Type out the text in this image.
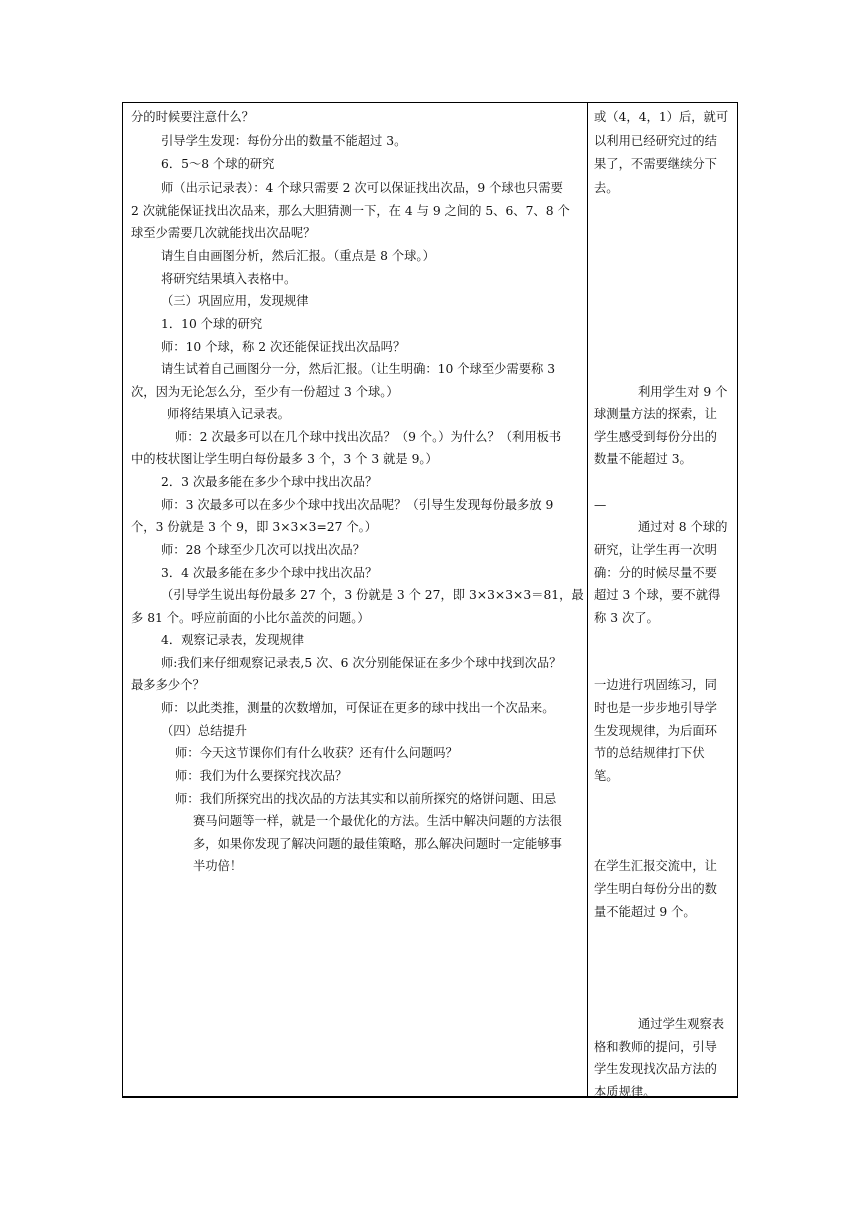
分的时候要注意什么？
引导学生发现：每份分出的数量不能超过 3。
6．5～8 个球的研究
师（出示记录表）：4 个球只需要 2 次可以保证找出次品，9 个球也只需要
2 次就能保证找出次品来，那么大胆猜测一下，在 4 与 9 之间的 5、6、7、8 个
球至少需要几次就能找出次品呢？
请生自由画图分析，然后汇报。（重点是 8 个球。）
将研究结果填入表格中。
（三）巩固应用，发现规律
1．10 个球的研究
师：10 个球，称 2 次还能保证找出次品吗？
请生试着自己画图分一分，然后汇报。（让生明确：10 个球至少需要称 3
次，因为无论怎么分，至少有一份超过 3 个球。）
师将结果填入记录表。
师：2 次最多可以在几个球中找出次品？（9 个。）为什么？（利用板书
中的枝状图让学生明白每份最多 3 个，3 个 3 就是 9。）
2．3 次最多能在多少个球中找出次品？
师：3 次最多可以在多少个球中找出次品呢？（引导生发现每份最多放 9
个，3 份就是 3 个 9，即 3×3×3=27 个。）
师：28 个球至少几次可以找出次品？
3．4 次最多能在多少个球中找出次品？
（引导学生说出每份最多 27 个，3 份就是 3 个 27，即 3×3×3×3＝81，最
多 81 个。呼应前面的小比尔盖茨的问题。）
4．观察记录表，发现规律
师:我们来仔细观察记录表,5 次、6 次分别能保证在多少个球中找到次品？
最多多少个？
师：以此类推，测量的次数增加，可保证在更多的球中找出一个次品来。
（四）总结提升
师：今天这节课你们有什么收获？还有什么问题吗？
师：我们为什么要探究找次品？
师：我们所探究出的找次品的方法其实和以前所探究的烙饼问题、田忌
赛马问题等一样，就是一个最优化的方法。生活中解决问题的方法很
多，如果你发现了解决问题的最佳策略，那么解决问题时一定能够事
半功倍！
或（4，4，1）后，就可
以利用已经研究过的结
果了，不需要继续分下
去。
利用学生对 9 个
球测量方法的探索，让
学生感受到每份分出的
数量不能超过 3。
—
通过对 8 个球的
研究，让学生再一次明
确：分的时候尽量不要
超过 3 个球，要不就得
称 3 次了。
一边进行巩固练习，同
时也是一步步地引导学
生发现规律，为后面环
节的总结规律打下伏
笔。
在学生汇报交流中，让
学生明白每份分出的数
量不能超过 9 个。
通过学生观察表
格和教师的提问，引导
学生发现找次品方法的
本质规律。
